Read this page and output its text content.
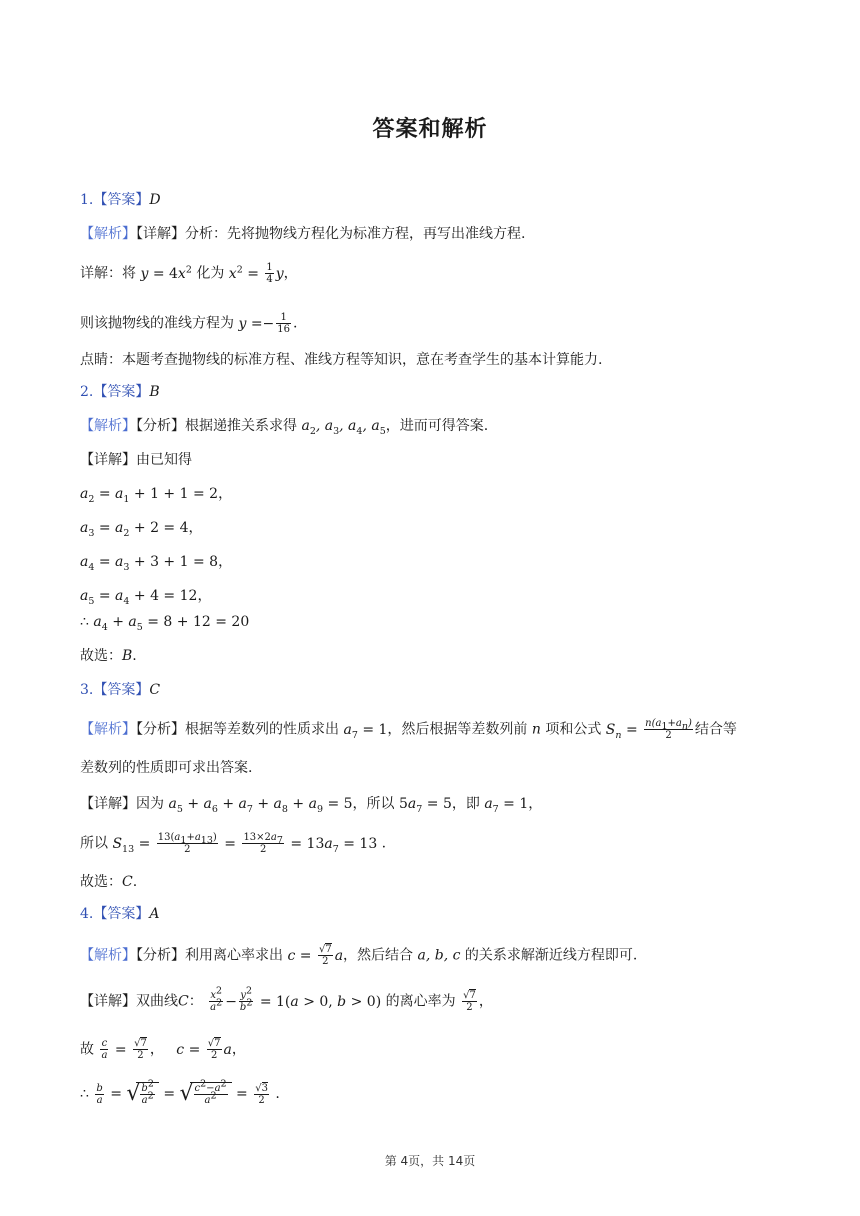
答案和解析
1.【答案】D
【解析】【详解】分析：先将抛物线方程化为标准方程，再写出准线方程.
详解：将 $y = 4x^2$ 化为 $x^2 = \frac{1}{4}$ y，
则该抛物线的准线方程为 $y =- \frac{1}{16}$ .
点睛：本题考查抛物线的标准方程、准线方程等知识，意在考查学生的基本计算能力.
2.【答案】B
【解析】【分析】根据递推关系求得 $a_2$, $a_3$, $a_4$, $a_5$，进而可得答案.
【详解】由已知得
$a_2 = a_1 + 1 + 1 = 2$，
$a_3 = a_2 + 2 = 4$，
$a_4 = a_3 + 3 + 1 = 8$，
$a_5 = a_4 + 4 = 12$，
∴ $a_4 + a_5 = 8 + 12 = 20$
故选：B.
3.【答案】C
【解析】【分析】根据等差数列的性质求出 $a_7 = 1$，然后根据等差数列前 n 项和公式 $S_n = \frac{n(a_1+a_n)}{2}$ 结合等
差数列的性质即可求出答案.
【详解】因为 $a_5 + a_6 + a_7 + a_8 + a_9 = 5$，所以 $5a_7 = 5$，即 $a_7 = 1$，
所以 $S_{13} = \frac{13(a_1+a_{13})}{2} = \frac{13\times 2a_7}{2} = 13a_7 = 13$ .
故选：C.
4.【答案】A
【解析】【分析】利用离心率求出 $c = \frac{√7}{2}$ a，然后结合 a, b, c 的关系求解渐近线方程即可.
【详解】双曲线C： $\frac{x^2}{a^2} - \frac{y^2}{b^2} = 1(a > 0$, b > 0) 的离心率为 $\frac{√7}{2}$ ，
故 $\frac{c}{a} = \frac{√7}{2}$ ， $c = \frac{√7}{2}$ a，
∴ $\frac{b}{a}$ = √ $\frac{b^2}{a^2}$ = √ $\frac{c^2-a^2}{a^2} = \frac{√3}{2}$ .
第 4页，共 14页
